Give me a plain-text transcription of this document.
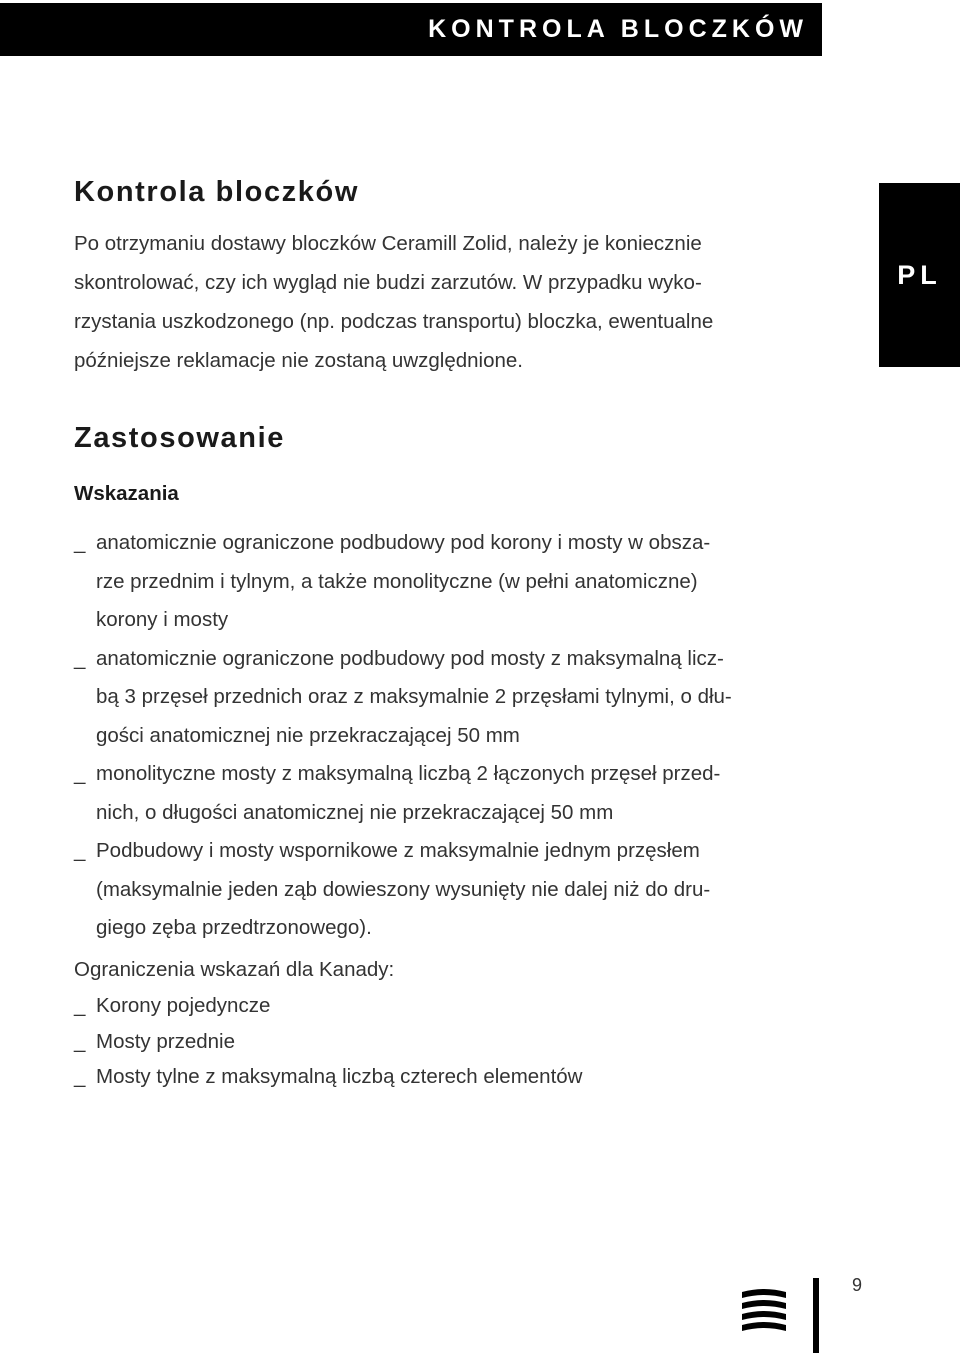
KONTROLA BLOCZKÓW
PL
Kontrola bloczków
Po otrzymaniu dostawy bloczków Ceramill Zolid, należy je koniecznie
skontrolować, czy ich wygląd nie budzi zarzutów. W przypadku wyko-
rzystania uszkodzonego (np. podczas transportu) bloczka, ewentualne
późniejsze reklamacje nie zostaną uwzględnione.
Zastosowanie
Wskazania
_ anatomicznie ograniczone podbudowy pod korony i mosty w obsza-
rze przednim i tylnym, a także monolityczne (w pełni anatomiczne)
korony i mosty
_ anatomicznie ograniczone podbudowy pod mosty z maksymalną licz-
bą 3 przęseł przednich oraz z maksymalnie 2 przęsłami tylnymi, o dłu-
gości anatomicznej nie przekraczającej 50 mm
_ monolityczne mosty z maksymalną liczbą 2 łączonych przęseł przed-
nich, o długości anatomicznej nie przekraczającej 50 mm
_ Podbudowy i mosty wspornikowe z maksymalnie jednym przęsłem
(maksymalnie jeden ząb dowieszony wysunięty nie dalej niż do dru-
giego zęba przedtrzonowego).
Ograniczenia wskazań dla Kanady:
_ Korony pojedyncze
_ Mosty przednie
_ Mosty tylne z maksymalną liczbą czterech elementów
9
